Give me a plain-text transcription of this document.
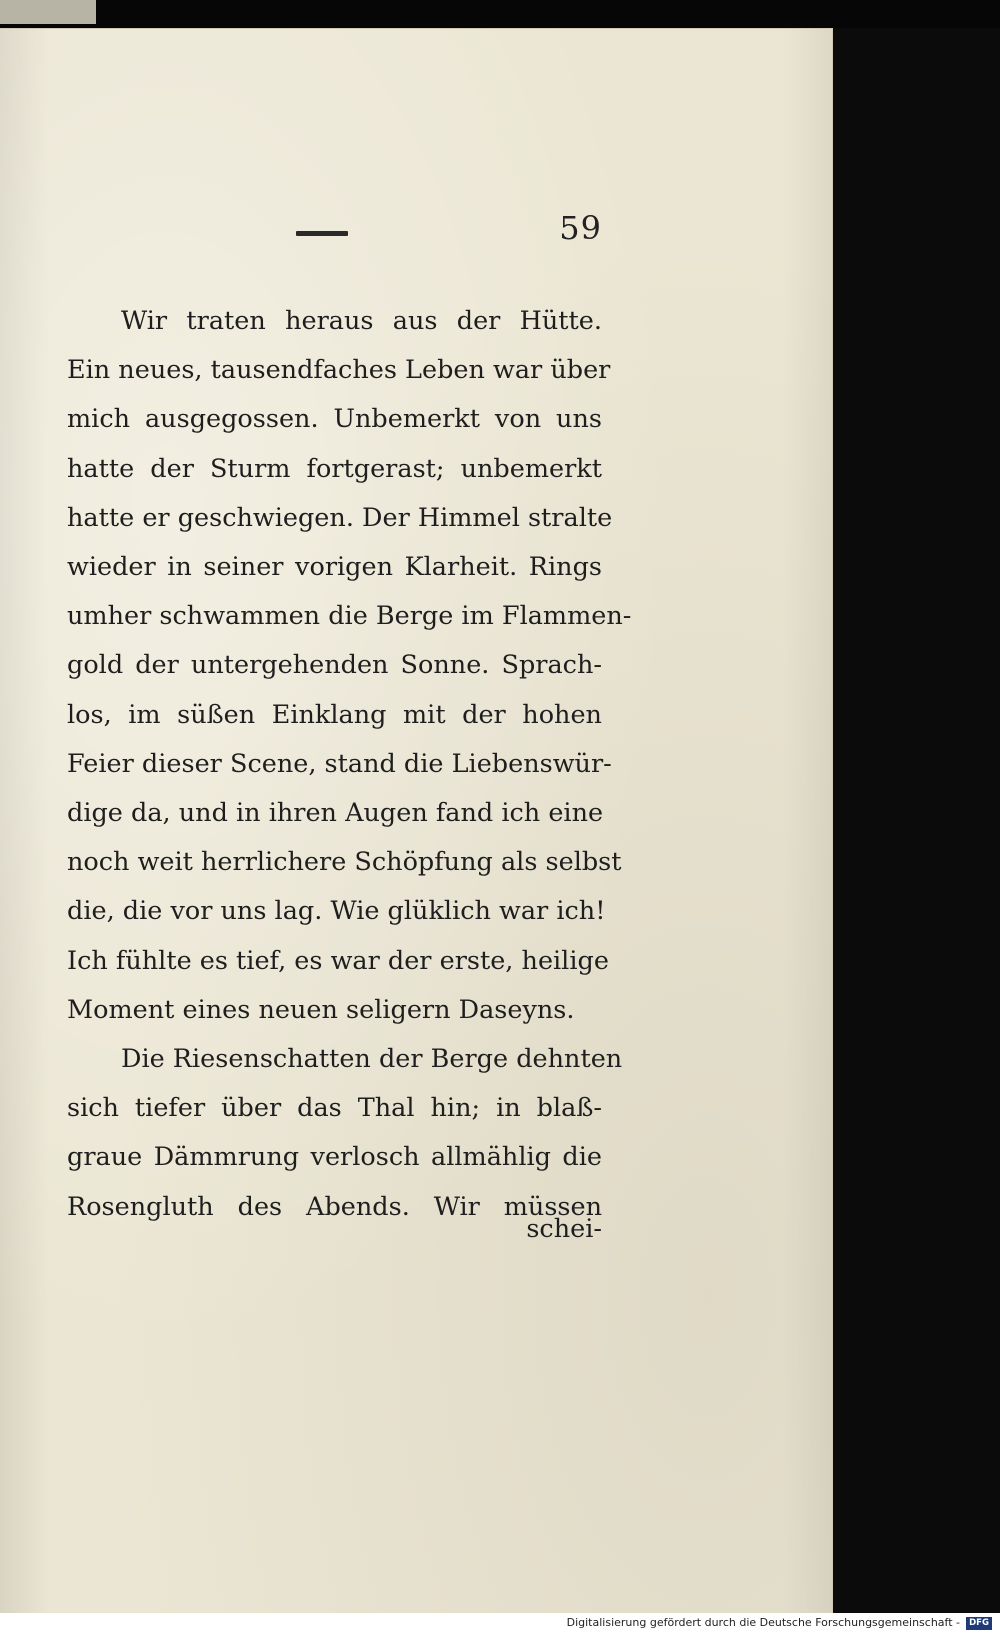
59
Wir traten heraus aus der Hütte.
Ein neues, tausendfaches Leben war über
mich ausgegossen. Unbemerkt von uns
hatte der Sturm fortgerast; unbemerkt
hatte er geschwiegen. Der Himmel stralte
wieder in seiner vorigen Klarheit. Rings
umher schwammen die Berge im Flammen-
gold der untergehenden Sonne. Sprach-
los, im süßen Einklang mit der hohen
Feier dieser Scene, stand die Liebenswür-
dige da, und in ihren Augen fand ich eine
noch weit herrlichere Schöpfung als selbst
die, die vor uns lag. Wie glüklich war ich!
Ich fühlte es tief, es war der erste, heilige
Moment eines neuen seligern Daseyns.
Die Riesenschatten der Berge dehnten
sich tiefer über das Thal hin; in blaß-
graue Dämmrung verlosch allmählig die
Rosengluth des Abends. Wir müssen
schei-
Digitalisierung gefördert durch die Deutsche Forschungsgemeinschaft -	DFG
